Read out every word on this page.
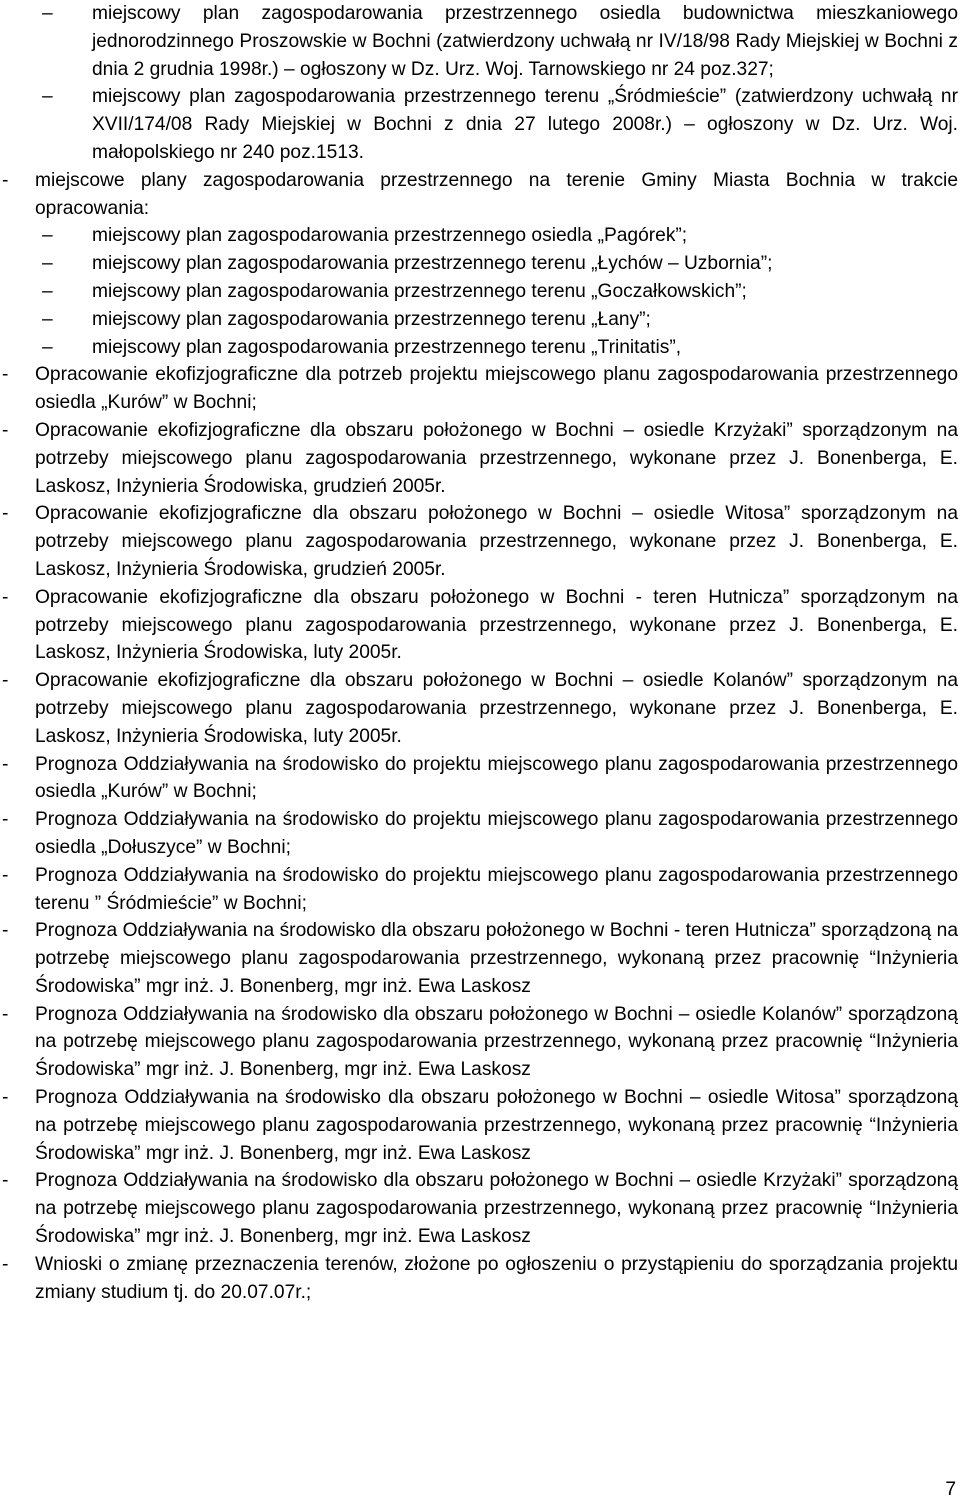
– miejscowy plan zagospodarowania przestrzennego osiedla budownictwa mieszkaniowego jednorodzinnego Proszowskie w Bochni (zatwierdzony uchwałą nr IV/18/98 Rady Miejskiej w Bochni z dnia 2 grudnia 1998r.) – ogłoszony w Dz. Urz. Woj. Tarnowskiego nr 24 poz.327;
– miejscowy plan zagospodarowania przestrzennego terenu „Śródmieście” (zatwierdzony uchwałą nr XVII/174/08 Rady Miejskiej w Bochni z dnia 27 lutego 2008r.) – ogłoszony w Dz. Urz. Woj. małopolskiego nr 240 poz.1513.
- miejscowe plany zagospodarowania przestrzennego na terenie Gminy Miasta Bochnia w trakcie opracowania:
– miejscowy plan zagospodarowania przestrzennego osiedla „Pagórek”;
– miejscowy plan zagospodarowania przestrzennego terenu „Łychów – Uzbornia”;
– miejscowy plan zagospodarowania przestrzennego terenu „Goczałkowskich”;
– miejscowy plan zagospodarowania przestrzennego terenu „Łany”;
– miejscowy plan zagospodarowania przestrzennego terenu „Trinitatis”,
- Opracowanie ekofizjograficzne dla potrzeb projektu miejscowego planu zagospodarowania przestrzennego osiedla „Kurów” w Bochni;
- Opracowanie ekofizjograficzne dla obszaru położonego w Bochni – osiedle Krzyżaki” sporządzonym na potrzeby miejscowego planu zagospodarowania przestrzennego, wykonane przez J. Bonenberga, E. Laskosz, Inżynieria Środowiska, grudzień 2005r.
- Opracowanie ekofizjograficzne dla obszaru położonego w Bochni – osiedle Witosa” sporządzonym na potrzeby miejscowego planu zagospodarowania przestrzennego, wykonane przez J. Bonenberga, E. Laskosz, Inżynieria Środowiska, grudzień 2005r.
- Opracowanie ekofizjograficzne dla obszaru położonego w Bochni - teren Hutnicza” sporządzonym na potrzeby miejscowego planu zagospodarowania przestrzennego, wykonane przez J. Bonenberga, E. Laskosz, Inżynieria Środowiska, luty 2005r.
- Opracowanie ekofizjograficzne dla obszaru położonego w Bochni – osiedle Kolanów” sporządzonym na potrzeby miejscowego planu zagospodarowania przestrzennego, wykonane przez J. Bonenberga, E. Laskosz, Inżynieria Środowiska, luty 2005r.
- Prognoza Oddziaływania na środowisko do projektu miejscowego planu zagospodarowania przestrzennego osiedla „Kurów” w Bochni;
- Prognoza Oddziaływania na środowisko do projektu miejscowego planu zagospodarowania przestrzennego osiedla „Dołuszyce” w Bochni;
- Prognoza Oddziaływania na środowisko do projektu miejscowego planu zagospodarowania przestrzennego terenu ” Śródmieście” w Bochni;
- Prognoza Oddziaływania na środowisko dla obszaru położonego w Bochni - teren Hutnicza” sporządzoną na potrzebę miejscowego planu zagospodarowania przestrzennego, wykonaną przez pracownię “Inżynieria Środowiska” mgr inż. J. Bonenberg, mgr inż. Ewa Laskosz
- Prognoza Oddziaływania na środowisko dla obszaru położonego w Bochni – osiedle Kolanów” sporządzoną na potrzebę miejscowego planu zagospodarowania przestrzennego, wykonaną przez pracownię “Inżynieria Środowiska” mgr inż. J. Bonenberg, mgr inż. Ewa Laskosz
- Prognoza Oddziaływania na środowisko dla obszaru położonego w Bochni – osiedle Witosa” sporządzoną na potrzebę miejscowego planu zagospodarowania przestrzennego, wykonaną przez pracownię “Inżynieria Środowiska” mgr inż. J. Bonenberg, mgr inż. Ewa Laskosz
- Prognoza Oddziaływania na środowisko dla obszaru położonego w Bochni – osiedle Krzyżaki” sporządzoną na potrzebę miejscowego planu zagospodarowania przestrzennego, wykonaną przez pracownię “Inżynieria Środowiska” mgr inż. J. Bonenberg, mgr inż. Ewa Laskosz
- Wnioski o zmianę przeznaczenia terenów, złożone po ogłoszeniu o przystąpieniu do sporządzania projektu zmiany studium tj. do 20.07.07r.;
7
